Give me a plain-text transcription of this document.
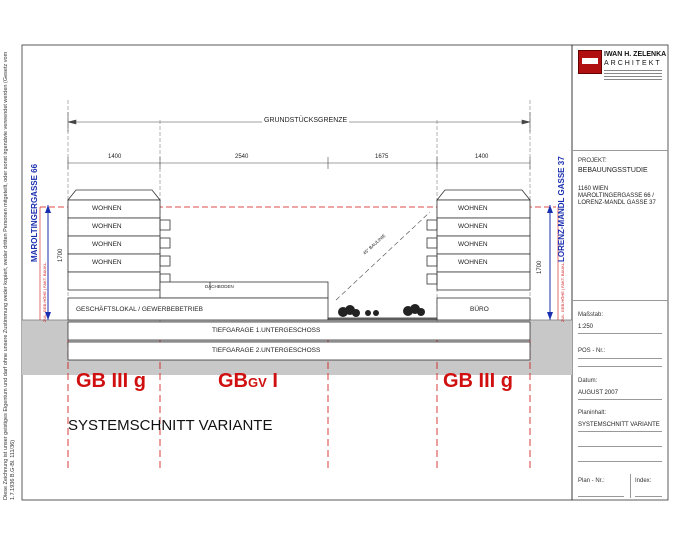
GRUNDSTÜCKSGRENZE
1400	2540	1675	1400
WOHNEN
WOHNEN
WOHNEN
WOHNEN
WOHNEN
WOHNEN
WOHNEN
WOHNEN
DACHBODEN
GESCHÄFTSLOKAL / GEWERBEBETRIEB	BÜRO
TIEFGARAGE 1.UNTERGESCHOSS
TIEFGARAGE 2.UNTERGESCHOSS
45° BAULINIE
1700
1700
MAROLTINGERGASSE 66
ZUL. GEB.HÖHE | FAKT. BAUKL.
LORENZ-MANDL GASSE 37
ZUL. GEB.HÖHE | FAKT. BAUKL.
GB III g	GBGV I	GB III g
SYSTEMSCHNITT VARIANTE
Diese Zeichnung ist unser geistiges Eigentum und darf ohne unsere Zustimmung weder kopiert, weder dritten Personen mitgeteilt, oder sonst irgendwie verwendet werden (Gesetz vom 1.7.1936 B.G-Bl. 111/36)
IWAN H. ZELENKA
ARCHITEKT
PROJEKT:
BEBAUUNGSSTUDIE
1160 WIEN
MAROLTINGERGASSE 66 /
LORENZ-MANDL GASSE 37
Maßstab:
1:250
POS - Nr.:
Datum:
AUGUST 2007
Planinhalt:
SYSTEMSCHNITT VARIANTE
Plan - Nr.:	Index:
